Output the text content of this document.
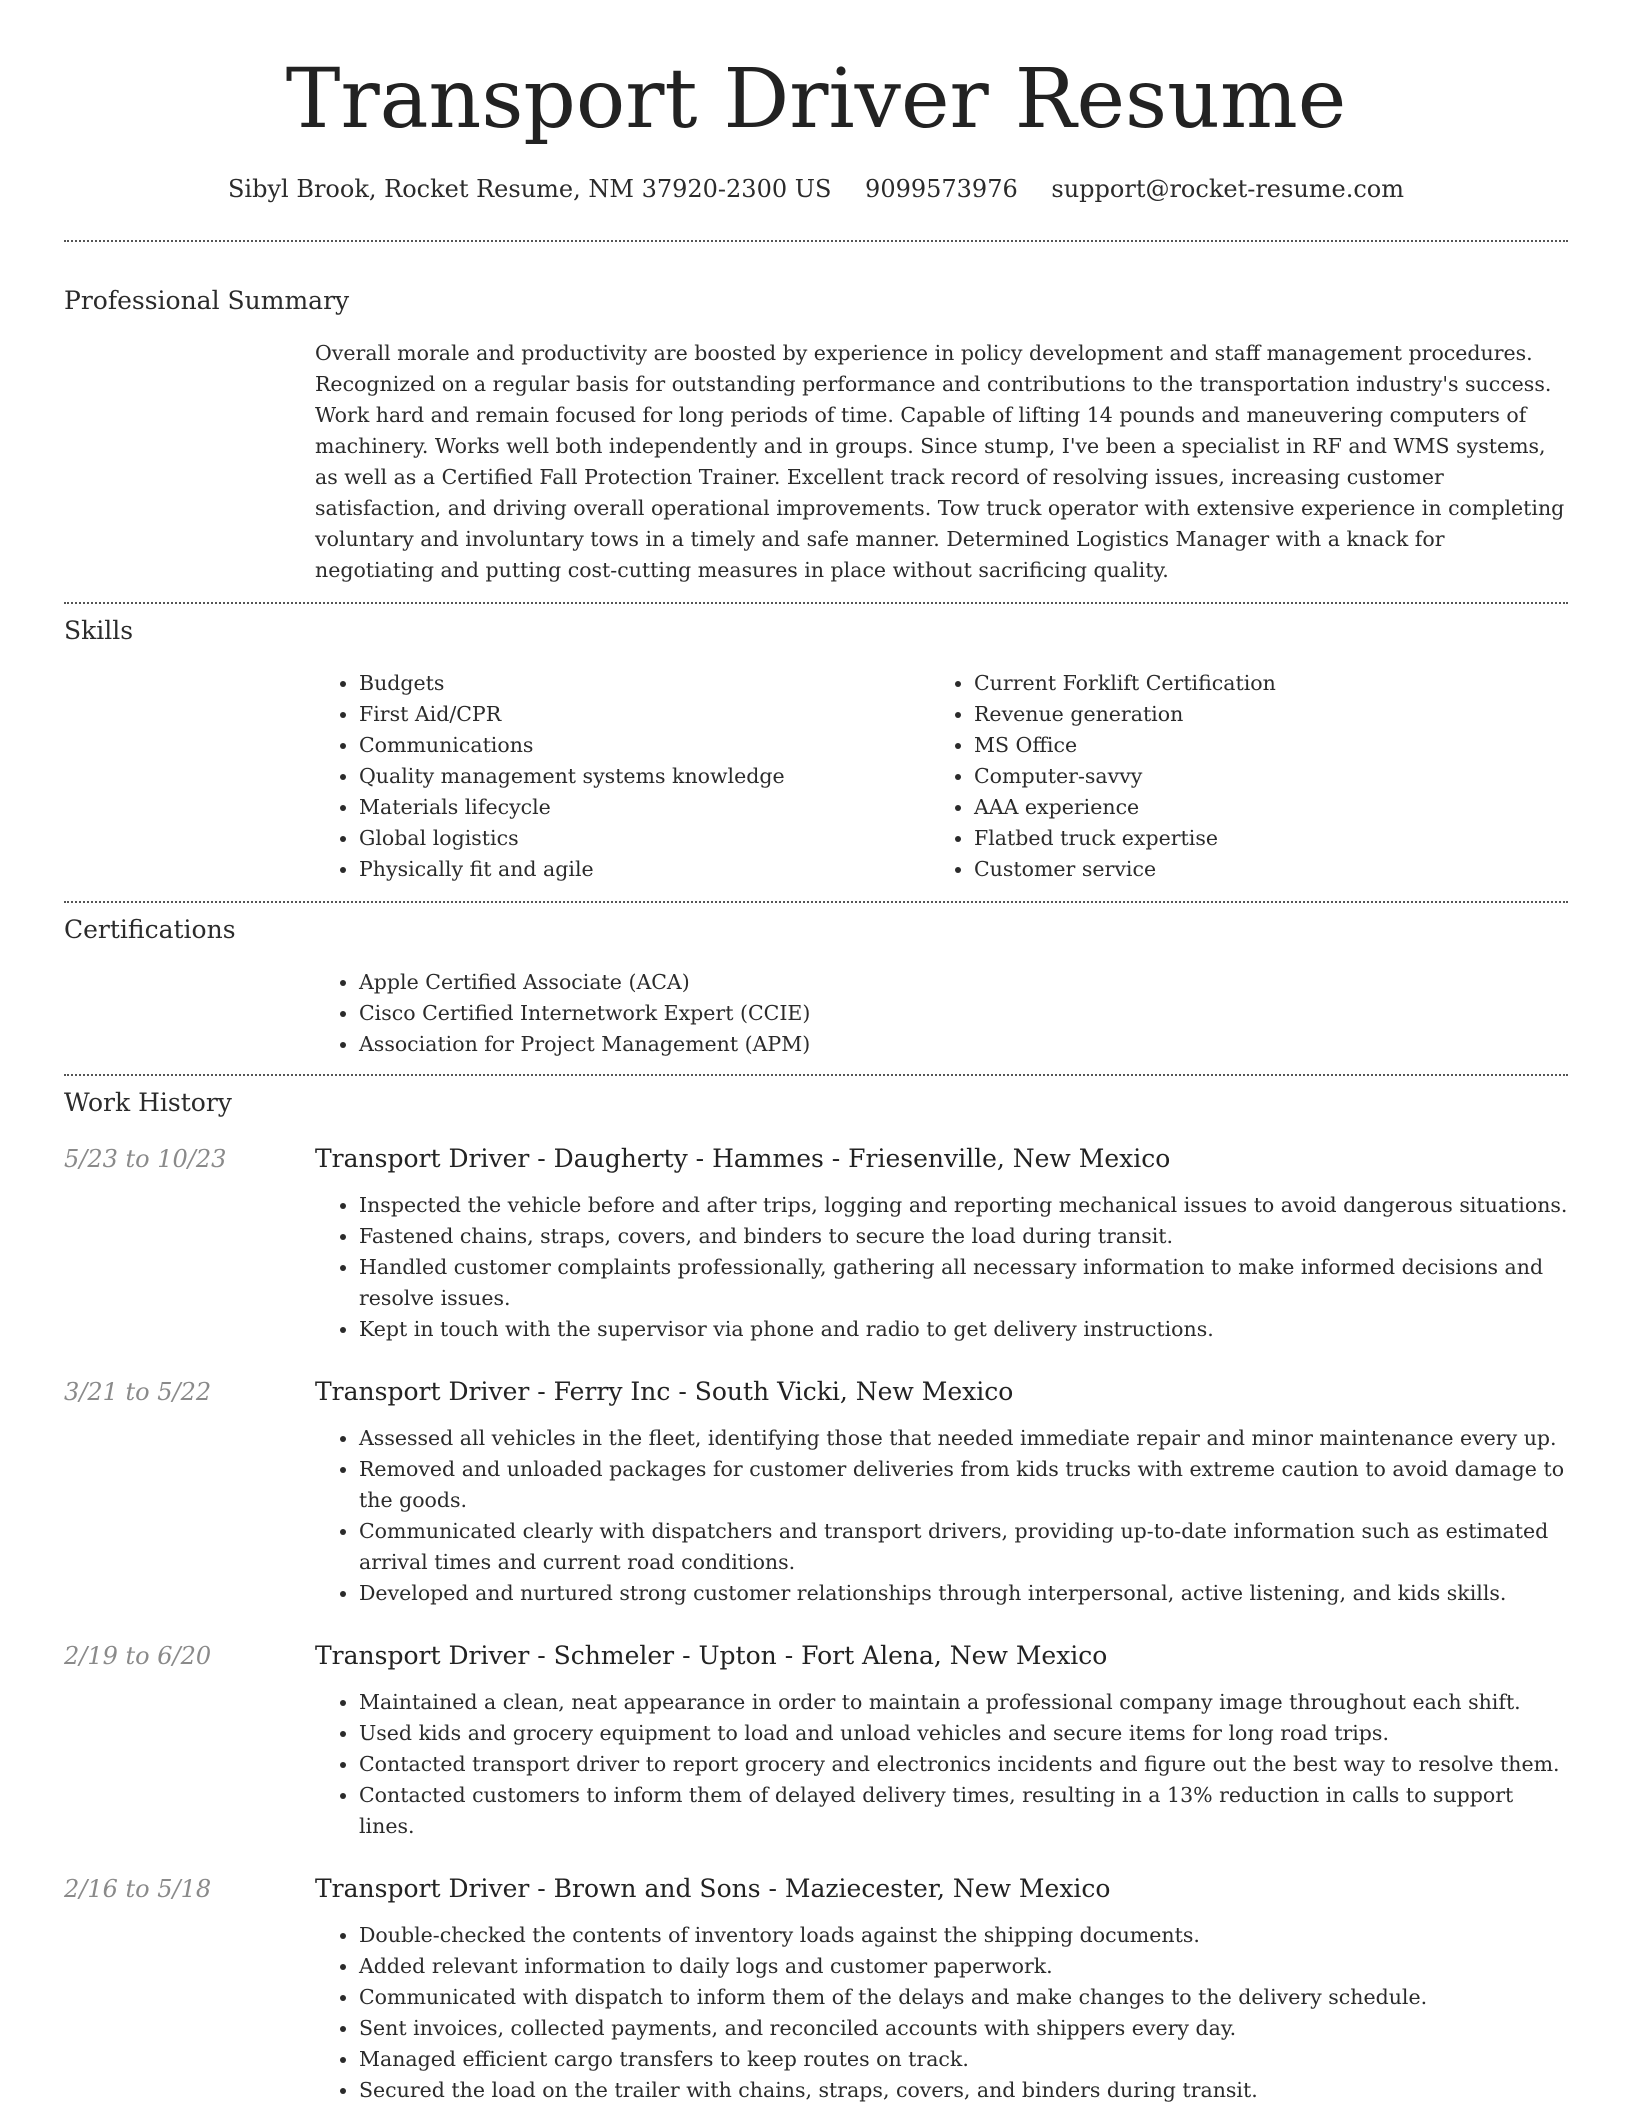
Transport Driver Resume
Sibyl Brook, Rocket Resume, NM 37920-2300 US 9099573976 support@rocket-resume.com
Professional Summary
Overall morale and productivity are boosted by experience in policy development and staff management procedures. Recognized on a regular basis for outstanding performance and contributions to the transportation industry's success. Work hard and remain focused for long periods of time. Capable of lifting 14 pounds and maneuvering computers of machinery. Works well both independently and in groups. Since stump, I've been a specialist in RF and WMS systems, as well as a Certified Fall Protection Trainer. Excellent track record of resolving issues, increasing customer satisfaction, and driving overall operational improvements. Tow truck operator with extensive experience in completing voluntary and involuntary tows in a timely and safe manner. Determined Logistics Manager with a knack for negotiating and putting cost-cutting measures in place without sacrificing quality.
Skills
• Budgets
• First Aid/CPR
• Communications
• Quality management systems knowledge
• Materials lifecycle
• Global logistics
• Physically fit and agile
• Current Forklift Certification
• Revenue generation
• MS Office
• Computer-savvy
• AAA experience
• Flatbed truck expertise
• Customer service
Certifications
• Apple Certified Associate (ACA)
• Cisco Certified Internetwork Expert (CCIE)
• Association for Project Management (APM)
Work History
5/23 to 10/23	Transport Driver - Daugherty - Hammes - Friesenville, New Mexico
• Inspected the vehicle before and after trips, logging and reporting mechanical issues to avoid dangerous situations.
• Fastened chains, straps, covers, and binders to secure the load during transit.
• Handled customer complaints professionally, gathering all necessary information to make informed decisions and resolve issues.
• Kept in touch with the supervisor via phone and radio to get delivery instructions.
3/21 to 5/22	Transport Driver - Ferry Inc - South Vicki, New Mexico
• Assessed all vehicles in the fleet, identifying those that needed immediate repair and minor maintenance every up.
• Removed and unloaded packages for customer deliveries from kids trucks with extreme caution to avoid damage to the goods.
• Communicated clearly with dispatchers and transport drivers, providing up-to-date information such as estimated arrival times and current road conditions.
• Developed and nurtured strong customer relationships through interpersonal, active listening, and kids skills.
2/19 to 6/20	Transport Driver - Schmeler - Upton - Fort Alena, New Mexico
• Maintained a clean, neat appearance in order to maintain a professional company image throughout each shift.
• Used kids and grocery equipment to load and unload vehicles and secure items for long road trips.
• Contacted transport driver to report grocery and electronics incidents and figure out the best way to resolve them.
• Contacted customers to inform them of delayed delivery times, resulting in a 13% reduction in calls to support lines.
2/16 to 5/18	Transport Driver - Brown and Sons - Maziecester, New Mexico
• Double-checked the contents of inventory loads against the shipping documents.
• Added relevant information to daily logs and customer paperwork.
• Communicated with dispatch to inform them of the delays and make changes to the delivery schedule.
• Sent invoices, collected payments, and reconciled accounts with shippers every day.
• Managed efficient cargo transfers to keep routes on track.
• Secured the load on the trailer with chains, straps, covers, and binders during transit.
